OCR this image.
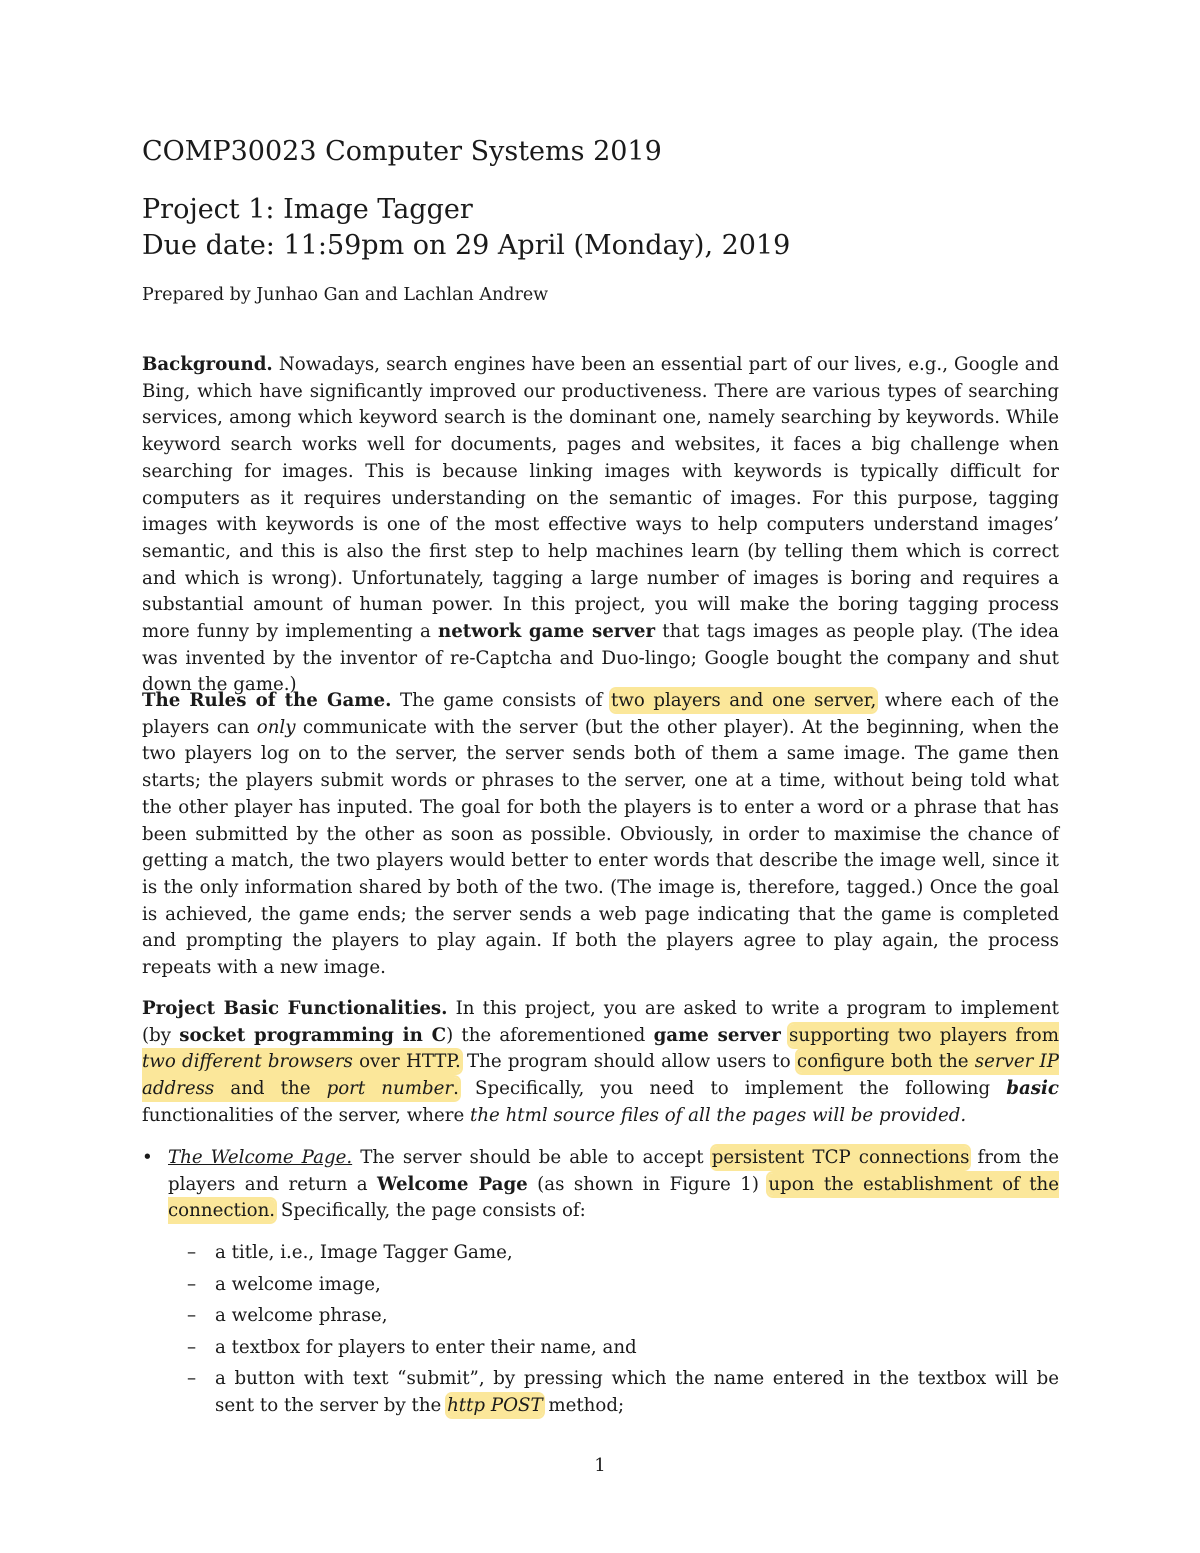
COMP30023 Computer Systems 2019
Project 1: Image Tagger
Due date: 11:59pm on 29 April (Monday), 2019
Prepared by Junhao Gan and Lachlan Andrew
Background. Nowadays, search engines have been an essential part of our lives, e.g., Google and Bing, which have significantly improved our productiveness. There are various types of searching services, among which keyword search is the dominant one, namely searching by keywords. While keyword search works well for documents, pages and websites, it faces a big challenge when searching for images. This is because linking images with keywords is typically difficult for computers as it requires understanding on the semantic of images. For this purpose, tagging images with keywords is one of the most effective ways to help computers understand images’ semantic, and this is also the first step to help machines learn (by telling them which is correct and which is wrong). Unfortunately, tagging a large number of images is boring and requires a substantial amount of human power. In this project, you will make the boring tagging process more funny by implementing a network game server that tags images as people play. (The idea was invented by the inventor of re-Captcha and Duo-lingo; Google bought the company and shut down the game.)
The Rules of the Game. The game consists of two players and one server, where each of the players can only communicate with the server (but the other player). At the beginning, when the two players log on to the server, the server sends both of them a same image. The game then starts; the players submit words or phrases to the server, one at a time, without being told what the other player has inputed. The goal for both the players is to enter a word or a phrase that has been submitted by the other as soon as possible. Obviously, in order to maximise the chance of getting a match, the two players would better to enter words that describe the image well, since it is the only information shared by both of the two. (The image is, therefore, tagged.) Once the goal is achieved, the game ends; the server sends a web page indicating that the game is completed and prompting the players to play again. If both the players agree to play again, the process repeats with a new image.
Project Basic Functionalities. In this project, you are asked to write a program to implement (by socket programming in C) the aforementioned game server supporting two players from two different browsers over HTTP. The program should allow users to configure both the server IP address and the port number. Specifically, you need to implement the following basic functionalities of the server, where the html source files of all the pages will be provided.
• The Welcome Page. The server should be able to accept persistent TCP connections from the players and return a Welcome Page (as shown in Figure 1) upon the establishment of the connection. Specifically, the page consists of:
– a title, i.e., Image Tagger Game,
– a welcome image,
– a welcome phrase,
– a textbox for players to enter their name, and
– a button with text “submit”, by pressing which the name entered in the textbox will be sent to the server by the http POST method;
1
